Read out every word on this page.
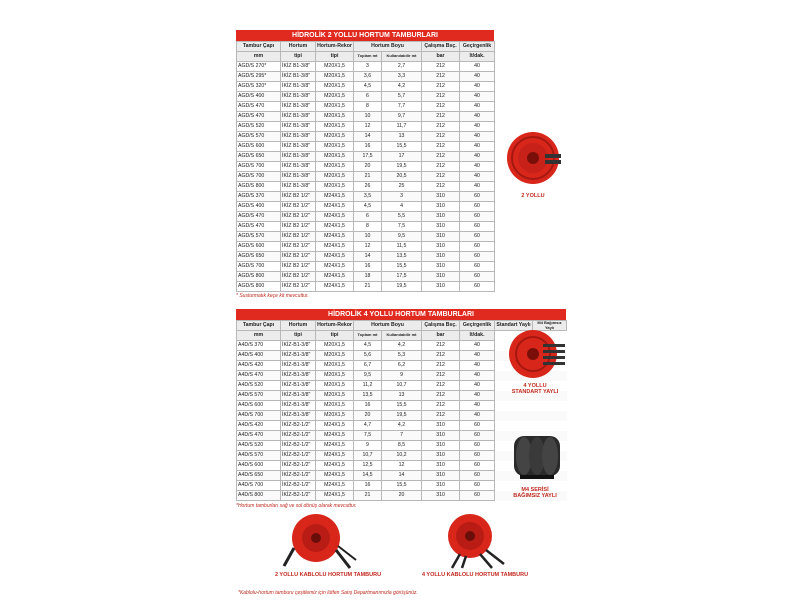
HİDROLİK 2 YOLLU HORTUM TAMBURLARI
Tambur Çapı	Hortum	Hortum-Rekor	Hortum Boyu		Çalışma Bsç.	Geçirgenlik
mm	tipi	tipi	Toplam mt	Kullanılabilir mt	bar	lt/dak.
AGD/S 270*	İKİZ B1-3/8"	M20X1,5	3	2,7	212	40
AGD/S 295*	İKİZ B1-3/8"	M20X1,5	3,6	3,3	212	40
AGD/S 320*	İKİZ B1-3/8"	M20X1,5	4,5	4,2	212	40
AGD/S 400	İKİZ B1-3/8"	M20X1,5	6	5,7	212	40
AGD/S 470	İKİZ B1-3/8"	M20X1,5	8	7,7	212	40
AGD/S 470	İKİZ B1-3/8"	M20X1,5	10	9,7	212	40
AGD/S 520	İKİZ B1-3/8"	M20X1,5	12	11,7	212	40
AGD/S 570	İKİZ B1-3/8"	M20X1,5	14	13	212	40
AGD/S 600	İKİZ B1-3/8"	M20X1,5	16	15,5	212	40
AGD/S 650	İKİZ B1-3/8"	M20X1,5	17,5	17	212	40
AGD/S 700	İKİZ B1-3/8"	M20X1,5	20	19,5	212	40
AGD/S 700	İKİZ B1-3/8"	M20X1,5	21	20,5	212	40
AGD/S 800	İKİZ B1-3/8"	M20X1,5	26	25	212	40
AGD/S 370	İKİZ B2 1/2"	M24X1,5	3,5	3	310	60
AGD/S 400	İKİZ B2 1/2"	M24X1,5	4,5	4	310	60
AGD/S 470	İKİZ B2 1/2"	M24X1,5	6	5,5	310	60
AGD/S 470	İKİZ B2 1/2"	M24X1,5	8	7,5	310	60
AGD/S 570	İKİZ B2 1/2"	M24X1,5	10	9,5	310	60
AGD/S 600	İKİZ B2 1/2"	M24X1,5	12	11,5	310	60
AGD/S 650	İKİZ B2 1/2"	M24X1,5	14	13,5	310	60
AGD/S 700	İKİZ B2 1/2"	M24X1,5	16	15,5	310	60
AGD/S 800	İKİZ B2 1/2"	M24X1,5	18	17,5	310	60
AGD/S 800	İKİZ B2 1/2"	M24X1,5	21	19,5	310	60
* Susturmatık keçe kit mevcuttur.
HİDROLİK 4 YOLLU HORTUM TAMBURLARI
Tambur Çapı	Hortum	Hortum-Rekor	Hortum Boyu		Çalışma Bsç.	Geçirgenlik	Standart Yaylı	M4 Bağımsız Yaylı
mm	tipi	tipi	Toplam mt	Kullanılabilir mt	bar	lt/dak.		
A4D/S 370	İKİZ-B1-3/8"	M20X1,5	4,5	4,2	212	40		
A4D/S 400	İKİZ-B1-3/8"	M20X1,5	5,6	5,3	212	40		
A4D/S 420	İKİZ-B1-3/8"	M20X1,5	6,7	6,2	212	40		
A4D/S 470	İKİZ-B1-3/8"	M20X1,5	9,5	9	212	40		
A4D/S 520	İKİZ-B1-3/8"	M20X1,5	11,2	10,7	212	40		
A4D/S 570	İKİZ-B1-3/8"	M20X1,5	13,5	13	212	40		
A4D/S 600	İKİZ-B1-3/8"	M20X1,5	16	15,5	212	40		
A4D/S 700	İKİZ-B1-3/8"	M20X1,5	20	19,5	212	40		
A4D/S 420	İKİZ-B2-1/2"	M24X1,5	4,7	4,2	310	60		
A4D/S 470	İKİZ-B2-1/2"	M24X1,5	7,5	7	310	60		
A4D/S 520	İKİZ-B2-1/2"	M24X1,5	9	8,5	310	60		
A4D/S 570	İKİZ-B2-1/2"	M24X1,5	10,7	10,2	310	60		
A4D/S 600	İKİZ-B2-1/2"	M24X1,5	12,5	12	310	60		
A4D/S 650	İKİZ-B2-1/2"	M24X1,5	14,5	14	310	60		
A4D/S 700	İKİZ-B2-1/2"	M24X1,5	16	15,5	310	60		
A4D/S 800	İKİZ-B2-1/2"	M24X1,5	21	20	310	60		
*Hortum tamburları sağ ve sol dönüş olarak mevcuttur.
2 YOLLU
4 YOLLU
STANDART YAYLI
M4 SERİSİ
BAĞIMSIZ YAYLI
2 YOLLU KABLOLU HORTUM TAMBURU	4 YOLLU KABLOLU HORTUM TAMBURU
*Kablolu-hortum tamburu çeşitlemiz için lütfen Satış Departmanımızla görüşünüz.
